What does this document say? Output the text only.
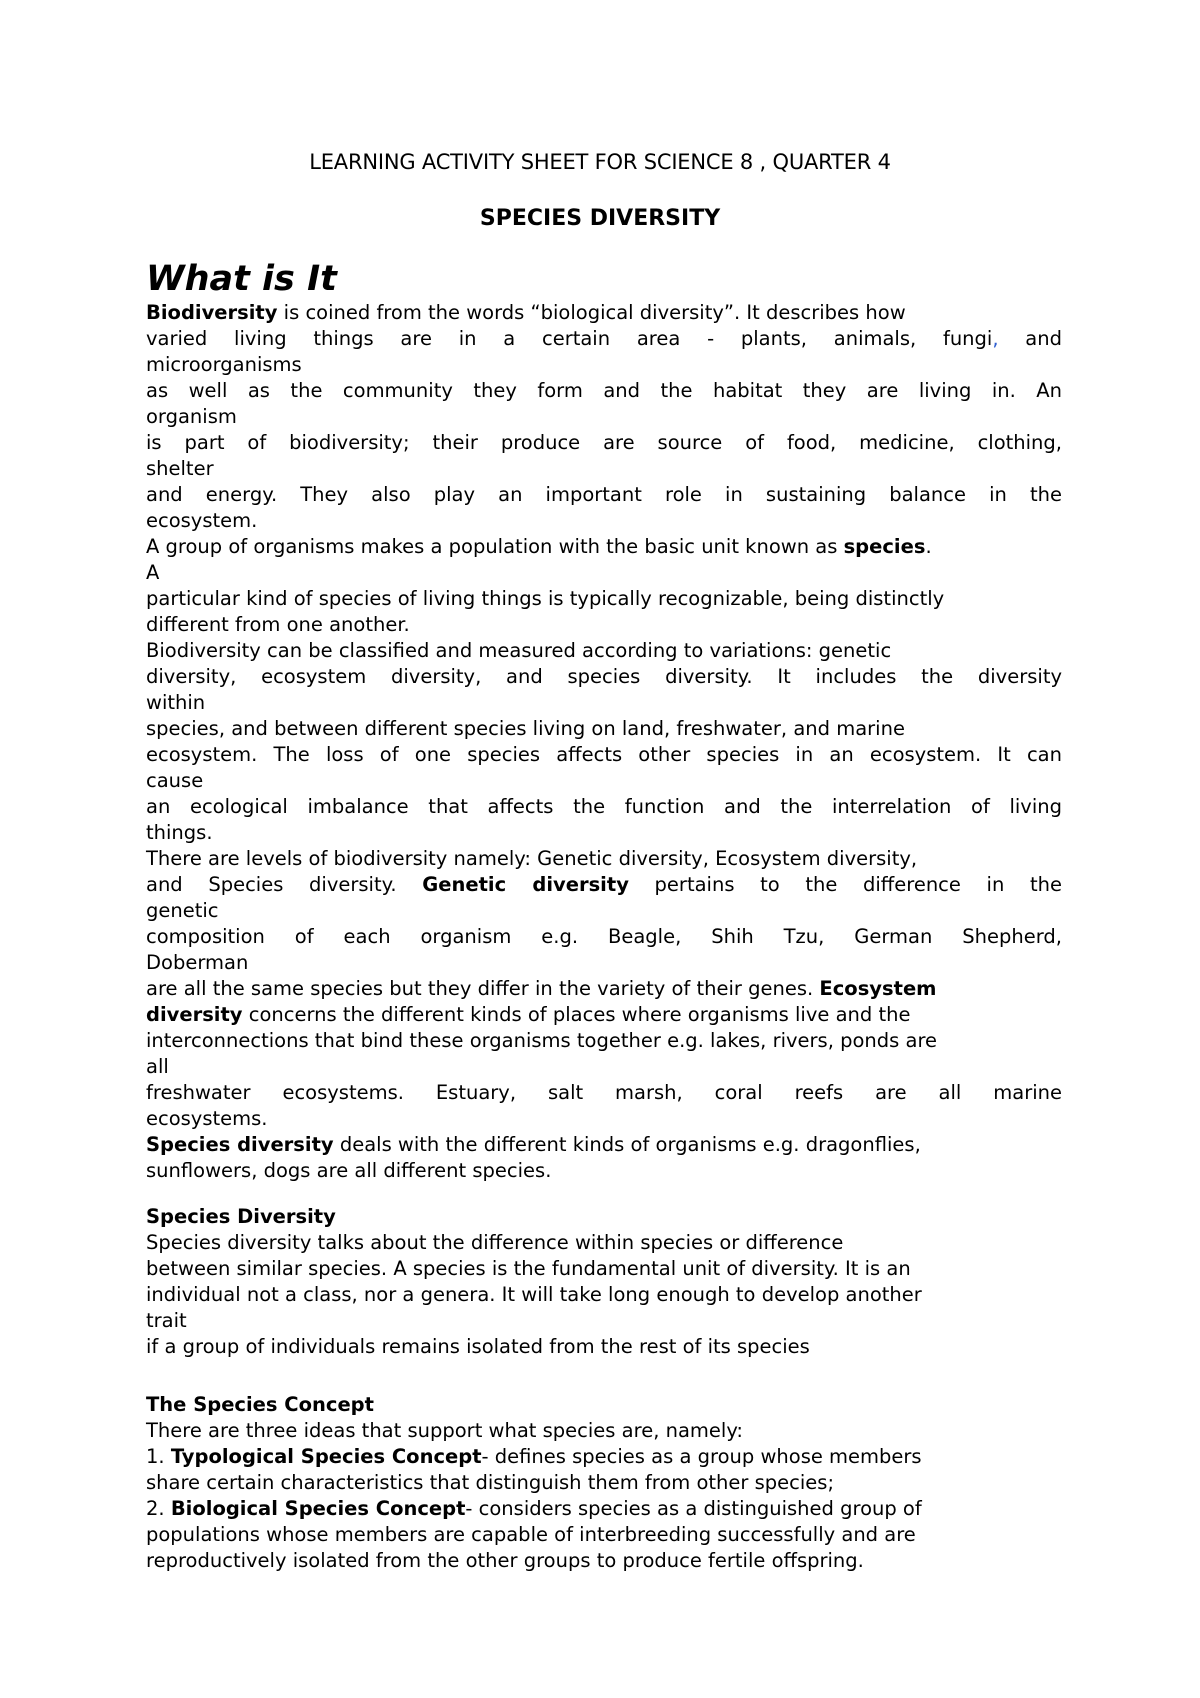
LEARNING ACTIVITY SHEET FOR SCIENCE 8 , QUARTER 4
SPECIES DIVERSITY
What is It
Biodiversity is coined from the words “biological diversity”. It describes how
varied living things are in a certain area - plants, animals, fungi, and
microorganisms
as well as the community they form and the habitat they are living in. An
organism
is part of biodiversity; their produce are source of food, medicine, clothing,
shelter
and energy. They also play an important role in sustaining balance in the
ecosystem.
A group of organisms makes a population with the basic unit known as species.
A
particular kind of species of living things is typically recognizable, being distinctly
different from one another.
Biodiversity can be classified and measured according to variations: genetic
diversity, ecosystem diversity, and species diversity. It includes the diversity
within
species, and between different species living on land, freshwater, and marine
ecosystem. The loss of one species affects other species in an ecosystem. It can
cause
an ecological imbalance that affects the function and the interrelation of living
things.
There are levels of biodiversity namely: Genetic diversity, Ecosystem diversity,
and Species diversity. Genetic diversity pertains to the difference in the
genetic
composition of each organism e.g. Beagle, Shih Tzu, German Shepherd,
Doberman
are all the same species but they differ in the variety of their genes. Ecosystem
diversity concerns the different kinds of places where organisms live and the
interconnections that bind these organisms together e.g. lakes, rivers, ponds are
all
freshwater ecosystems. Estuary, salt marsh, coral reefs are all marine
ecosystems.
Species diversity deals with the different kinds of organisms e.g. dragonflies,
sunflowers, dogs are all different species.
Species Diversity
Species diversity talks about the difference within species or difference
between similar species. A species is the fundamental unit of diversity. It is an
individual not a class, nor a genera. It will take long enough to develop another
trait
if a group of individuals remains isolated from the rest of its species
The Species Concept
There are three ideas that support what species are, namely:
1. Typological Species Concept- defines species as a group whose members
share certain characteristics that distinguish them from other species;
2. Biological Species Concept- considers species as a distinguished group of
populations whose members are capable of interbreeding successfully and are
reproductively isolated from the other groups to produce fertile offspring.
